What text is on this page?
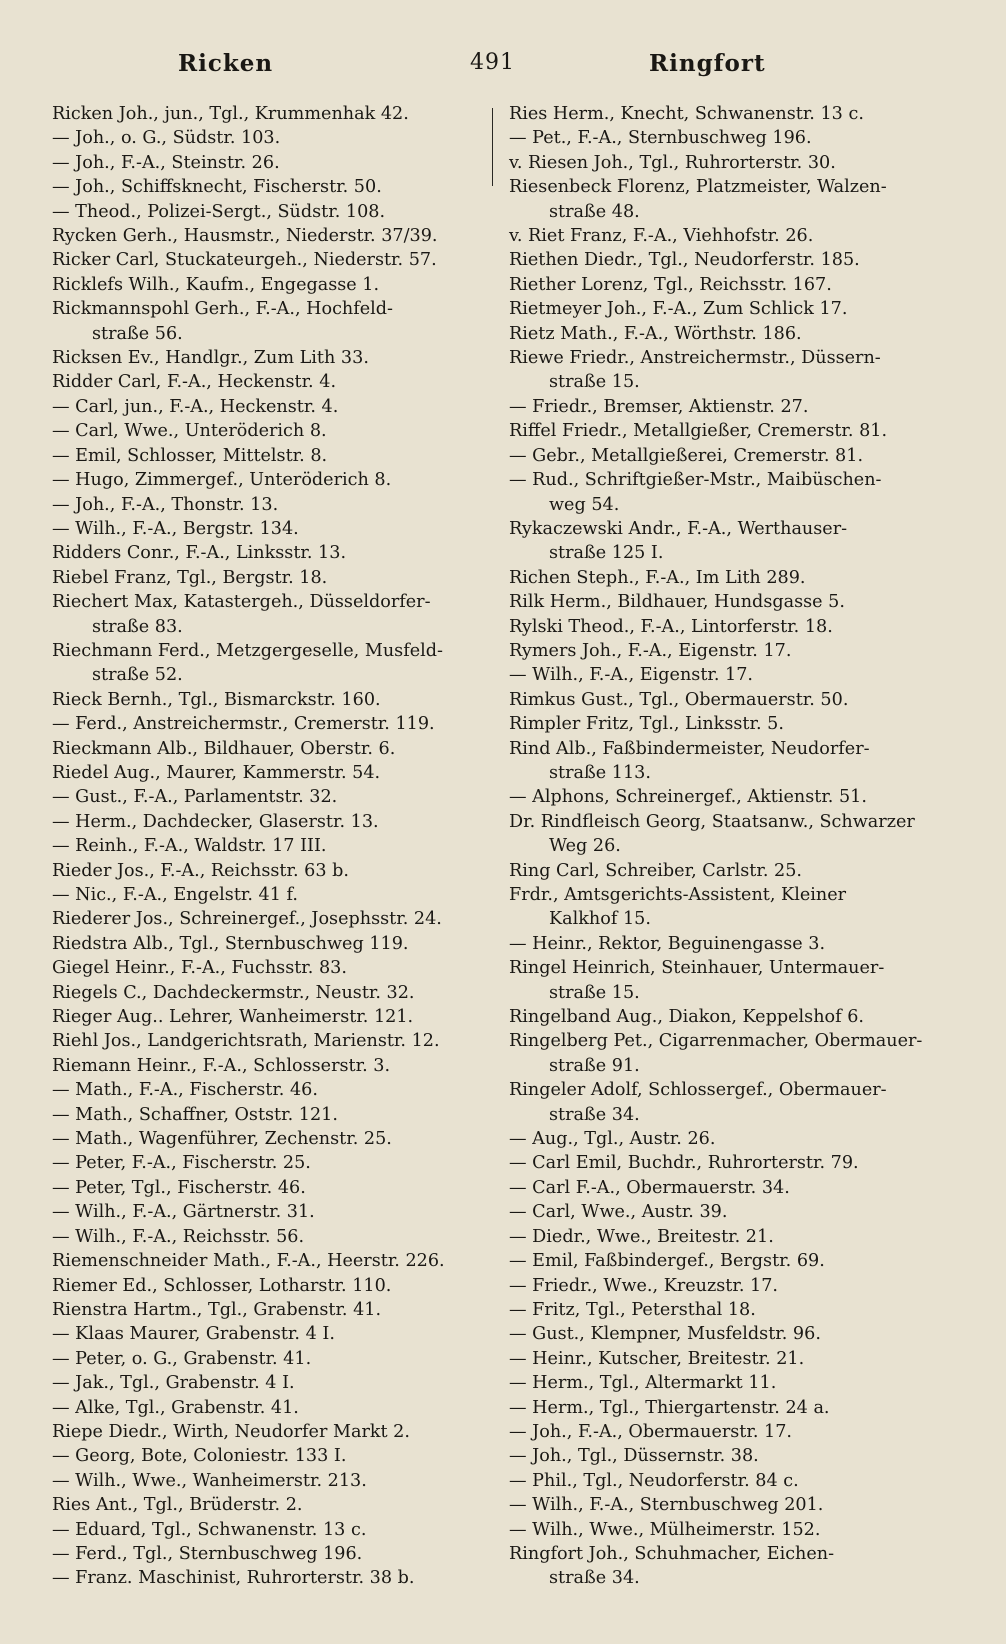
Ricken	491	Ringfort
Ricken Joh., jun., Tgl., Krummenhak 42.
— Joh., o. G., Südstr. 103.
— Joh., F.-A., Steinstr. 26.
— Joh., Schiffsknecht, Fischerstr. 50.
— Theod., Polizei-Sergt., Südstr. 108.
Rycken Gerh., Hausmstr., Niederstr. 37/39.
Ricker Carl, Stuckateurgeh., Niederstr. 57.
Ricklefs Wilh., Kaufm., Engegasse 1.
Rickmannspohl Gerh., F.-A., Hochfeld-
straße 56.
Ricksen Ev., Handlgr., Zum Lith 33.
Ridder Carl, F.-A., Heckenstr. 4.
— Carl, jun., F.-A., Heckenstr. 4.
— Carl, Wwe., Unteröderich 8.
— Emil, Schlosser, Mittelstr. 8.
— Hugo, Zimmergef., Unteröderich 8.
— Joh., F.-A., Thonstr. 13.
— Wilh., F.-A., Bergstr. 134.
Ridders Conr., F.-A., Linksstr. 13.
Riebel Franz, Tgl., Bergstr. 18.
Riechert Max, Katastergeh., Düsseldorfer-
straße 83.
Riechmann Ferd., Metzgergeselle, Musfeld-
straße 52.
Rieck Bernh., Tgl., Bismarckstr. 160.
— Ferd., Anstreichermstr., Cremerstr. 119.
Rieckmann Alb., Bildhauer, Oberstr. 6.
Riedel Aug., Maurer, Kammerstr. 54.
— Gust., F.-A., Parlamentstr. 32.
— Herm., Dachdecker, Glaserstr. 13.
— Reinh., F.-A., Waldstr. 17 III.
Rieder Jos., F.-A., Reichsstr. 63 b.
— Nic., F.-A., Engelstr. 41 f.
Riederer Jos., Schreinergef., Josephsstr. 24.
Riedstra Alb., Tgl., Sternbuschweg 119.
Giegel Heinr., F.-A., Fuchsstr. 83.
Riegels C., Dachdeckermstr., Neustr. 32.
Rieger Aug.. Lehrer, Wanheimerstr. 121.
Riehl Jos., Landgerichtsrath, Marienstr. 12.
Riemann Heinr., F.-A., Schlosserstr. 3.
— Math., F.-A., Fischerstr. 46.
— Math., Schaffner, Oststr. 121.
— Math., Wagenführer, Zechenstr. 25.
— Peter, F.-A., Fischerstr. 25.
— Peter, Tgl., Fischerstr. 46.
— Wilh., F.-A., Gärtnerstr. 31.
— Wilh., F.-A., Reichsstr. 56.
Riemenschneider Math., F.-A., Heerstr. 226.
Riemer Ed., Schlosser, Lotharstr. 110.
Rienstra Hartm., Tgl., Grabenstr. 41.
— Klaas Maurer, Grabenstr. 4 I.
— Peter, o. G., Grabenstr. 41.
— Jak., Tgl., Grabenstr. 4 I.
— Alke, Tgl., Grabenstr. 41.
Riepe Diedr., Wirth, Neudorfer Markt 2.
— Georg, Bote, Coloniestr. 133 I.
— Wilh., Wwe., Wanheimerstr. 213.
Ries Ant., Tgl., Brüderstr. 2.
— Eduard, Tgl., Schwanenstr. 13 c.
— Ferd., Tgl., Sternbuschweg 196.
— Franz. Maschinist, Ruhrorterstr. 38 b.
Ries Herm., Knecht, Schwanenstr. 13 c.
— Pet., F.-A., Sternbuschweg 196.
v. Riesen Joh., Tgl., Ruhrorterstr. 30.
Riesenbeck Florenz, Platzmeister, Walzen-
straße 48.
v. Riet Franz, F.-A., Viehhofstr. 26.
Riethen Diedr., Tgl., Neudorferstr. 185.
Riether Lorenz, Tgl., Reichsstr. 167.
Rietmeyer Joh., F.-A., Zum Schlick 17.
Rietz Math., F.-A., Wörthstr. 186.
Riewe Friedr., Anstreichermstr., Düssern-
straße 15.
— Friedr., Bremser, Aktienstr. 27.
Riffel Friedr., Metallgießer, Cremerstr. 81.
— Gebr., Metallgießerei, Cremerstr. 81.
— Rud., Schriftgießer-Mstr., Maibüschen-
weg 54.
Rykaczewski Andr., F.-A., Werthauser-
straße 125 I.
Richen Steph., F.-A., Im Lith 289.
Rilk Herm., Bildhauer, Hundsgasse 5.
Rylski Theod., F.-A., Lintorferstr. 18.
Rymers Joh., F.-A., Eigenstr. 17.
— Wilh., F.-A., Eigenstr. 17.
Rimkus Gust., Tgl., Obermauerstr. 50.
Rimpler Fritz, Tgl., Linksstr. 5.
Rind Alb., Faßbindermeister, Neudorfer-
straße 113.
— Alphons, Schreinergef., Aktienstr. 51.
Dr. Rindfleisch Georg, Staatsanw., Schwarzer
Weg 26.
Ring Carl, Schreiber, Carlstr. 25.
Frdr., Amtsgerichts-Assistent, Kleiner
Kalkhof 15.
— Heinr., Rektor, Beguinengasse 3.
Ringel Heinrich, Steinhauer, Untermauer-
straße 15.
Ringelband Aug., Diakon, Keppelshof 6.
Ringelberg Pet., Cigarrenmacher, Obermauer-
straße 91.
Ringeler Adolf, Schlossergef., Obermauer-
straße 34.
— Aug., Tgl., Austr. 26.
— Carl Emil, Buchdr., Ruhrorterstr. 79.
— Carl F.-A., Obermauerstr. 34.
— Carl, Wwe., Austr. 39.
— Diedr., Wwe., Breitestr. 21.
— Emil, Faßbindergef., Bergstr. 69.
— Friedr., Wwe., Kreuzstr. 17.
— Fritz, Tgl., Petersthal 18.
— Gust., Klempner, Musfeldstr. 96.
— Heinr., Kutscher, Breitestr. 21.
— Herm., Tgl., Altermarkt 11.
— Herm., Tgl., Thiergartenstr. 24 a.
— Joh., F.-A., Obermauerstr. 17.
— Joh., Tgl., Düssernstr. 38.
— Phil., Tgl., Neudorferstr. 84 c.
— Wilh., F.-A., Sternbuschweg 201.
— Wilh., Wwe., Mülheimerstr. 152.
Ringfort Joh., Schuhmacher, Eichen-
straße 34.
